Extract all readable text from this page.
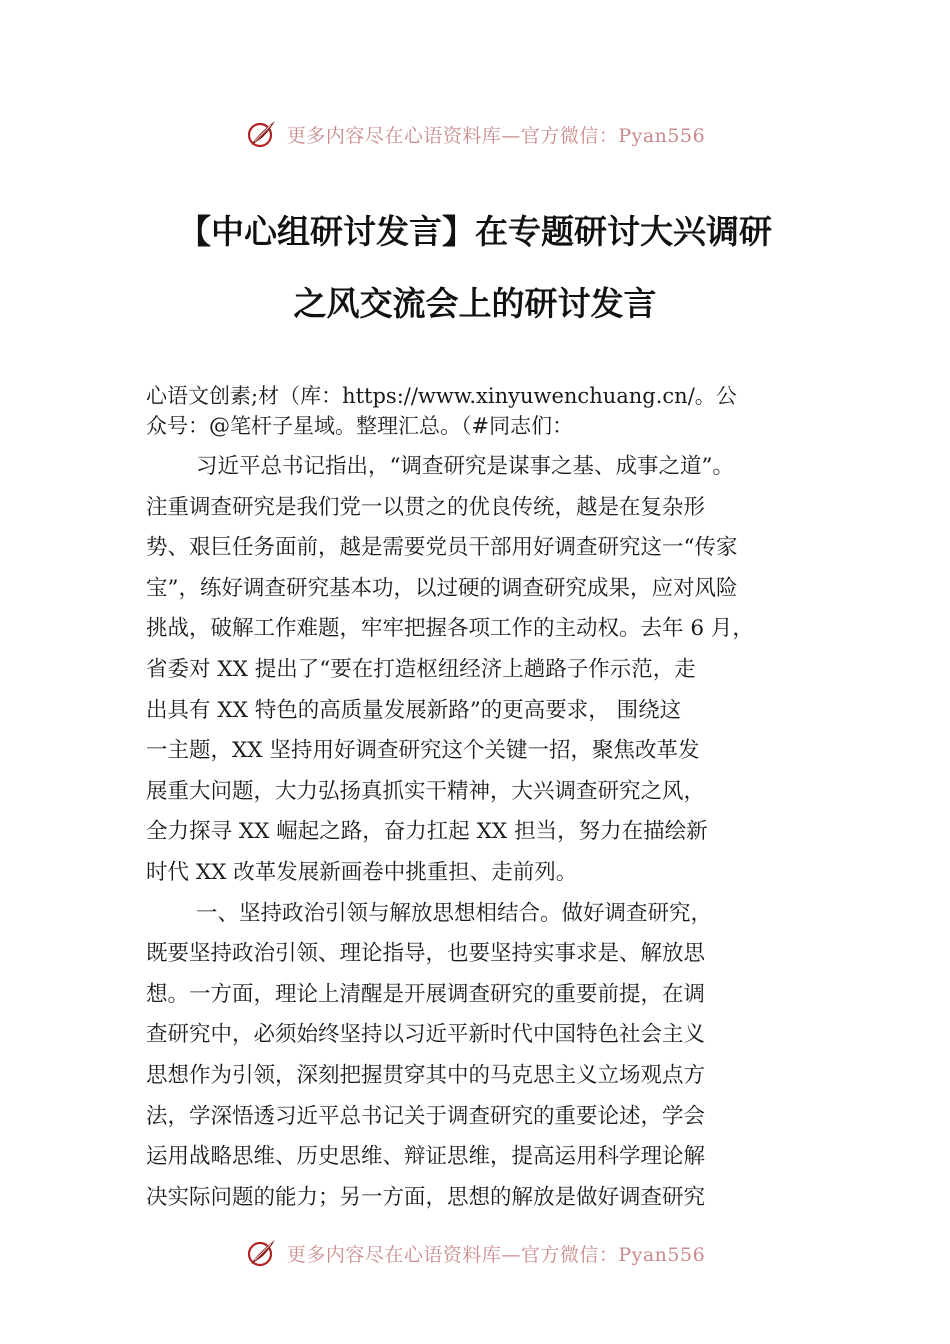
更多内容尽在心语资料库—官方微信：Pyan556
【中心组研讨发言】在专题研讨大兴调研
之风交流会上的研讨发言
心语文创素;材（库：https://www.xinyuwenchuang.cn/。公
众号：@笔杆子星域。整理汇总。（#同志们：
习近平总书记指出，“调查研究是谋事之基、成事之道”。
注重调查研究是我们党一以贯之的优良传统，越是在复杂形
势、艰巨任务面前，越是需要党员干部用好调查研究这一“传家
宝”，练好调查研究基本功，以过硬的调查研究成果，应对风险
挑战，破解工作难题，牢牢把握各项工作的主动权。去年 6 月，
省委对 XX 提出了“要在打造枢纽经济上趟路子作示范，走
出具有 XX 特色的高质量发展新路”的更高要求， 围绕这
一主题，XX 坚持用好调查研究这个关键一招，聚焦改革发
展重大问题，大力弘扬真抓实干精神，大兴调查研究之风，
全力探寻 XX 崛起之路，奋力扛起 XX 担当，努力在描绘新
时代 XX 改革发展新画卷中挑重担、走前列。
一、坚持政治引领与解放思想相结合。做好调查研究，
既要坚持政治引领、理论指导，也要坚持实事求是、解放思
想。一方面，理论上清醒是开展调查研究的重要前提，在调
查研究中，必须始终坚持以习近平新时代中国特色社会主义
思想作为引领，深刻把握贯穿其中的马克思主义立场观点方
法，学深悟透习近平总书记关于调查研究的重要论述，学会
运用战略思维、历史思维、辩证思维，提高运用科学理论解
决实际问题的能力；另一方面，思想的解放是做好调查研究
更多内容尽在心语资料库—官方微信：Pyan556
